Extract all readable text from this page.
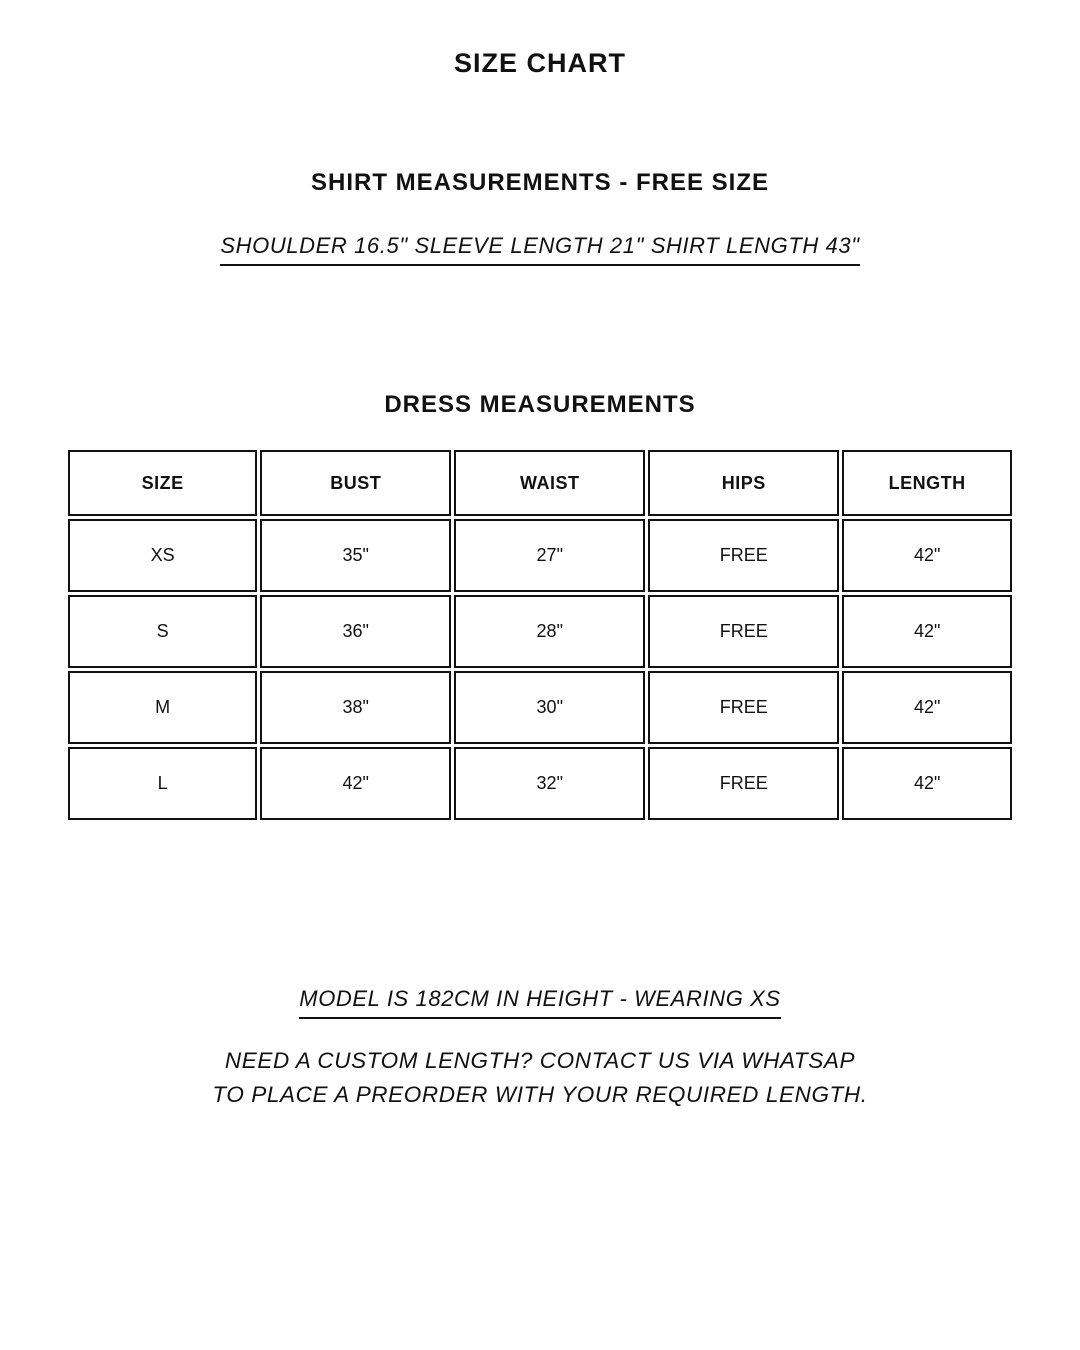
SIZE CHART
SHIRT MEASUREMENTS - FREE SIZE
SHOULDER 16.5" SLEEVE LENGTH 21" SHIRT LENGTH 43"
DRESS MEASUREMENTS
SIZE	BUST	WAIST	HIPS	LENGTH
XS	35"	27"	FREE	42"
S	36"	28"	FREE	42"
M	38"	30"	FREE	42"
L	42"	32"	FREE	42"
MODEL IS 182CM IN HEIGHT - WEARING XS
NEED A CUSTOM LENGTH? CONTACT US VIA WHATSAP
TO PLACE A PREORDER WITH YOUR REQUIRED LENGTH.
